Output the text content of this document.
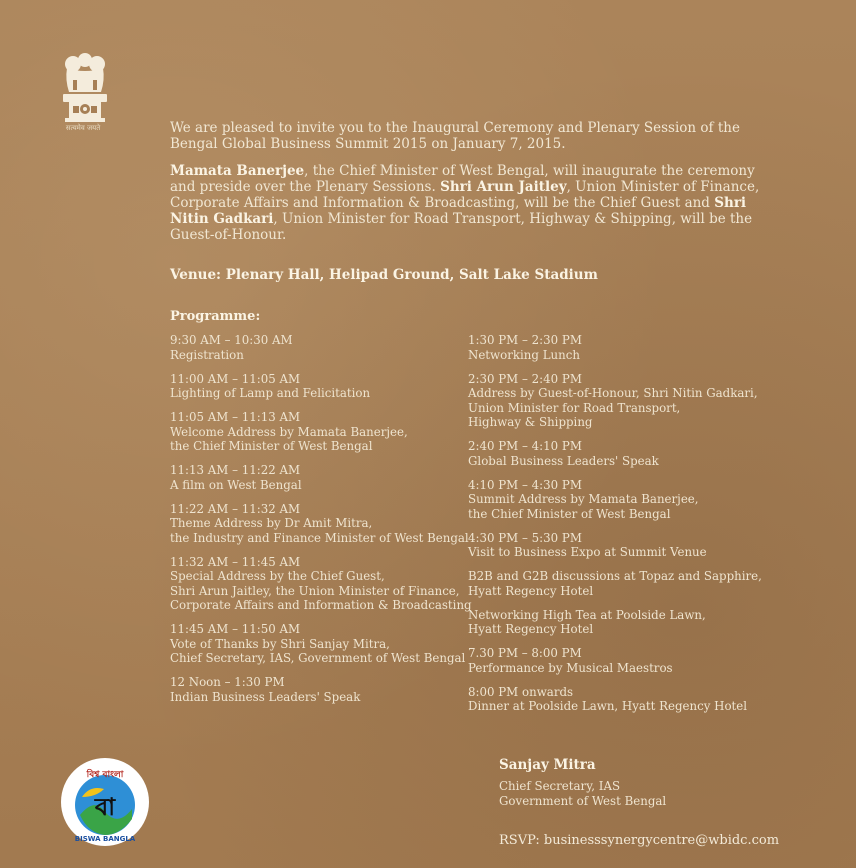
सत्यमेव जयते	We are pleased to invite you to the Inaugural Ceremony and Plenary Session of the Bengal Global Business Summit 2015 on January 7, 2015.

Mamata Banerjee, the Chief Minister of West Bengal, will inaugurate the ceremony and preside over the Plenary Sessions. Shri Arun Jaitley, Union Minister of Finance, Corporate Affairs and Information & Broadcasting, will be the Chief Guest and Shri Nitin Gadkari, Union Minister for Road Transport, Highway & Shipping, will be the Guest-of-Honour.

Venue: Plenary Hall, Helipad Ground, Salt Lake Stadium
Programme:
9:30 AM – 10:30 AM
Registration
11:00 AM – 11:05 AM
Lighting of Lamp and Felicitation
11:05 AM – 11:13 AM
Welcome Address by Mamata Banerjee,
the Chief Minister of West Bengal
11:13 AM – 11:22 AM
A film on West Bengal
11:22 AM – 11:32 AM
Theme Address by Dr Amit Mitra,
the Industry and Finance Minister of West Bengal
11:32 AM – 11:45 AM
Special Address by the Chief Guest,
Shri Arun Jaitley, the Union Minister of Finance,
Corporate Affairs and Information & Broadcasting
11:45 AM – 11:50 AM
Vote of Thanks by Shri Sanjay Mitra,
Chief Secretary, IAS, Government of West Bengal
12 Noon – 1:30 PM
Indian Business Leaders' Speak
1:30 PM – 2:30 PM
Networking Lunch
2:30 PM – 2:40 PM
Address by Guest-of-Honour, Shri Nitin Gadkari,
Union Minister for Road Transport,
Highway & Shipping
2:40 PM – 4:10 PM
Global Business Leaders' Speak
4:10 PM – 4:30 PM
Summit Address by Mamata Banerjee,
the Chief Minister of West Bengal
4:30 PM – 5:30 PM
Visit to Business Expo at Summit Venue
B2B and G2B discussions at Topaz and Sapphire,
Hyatt Regency Hotel
Networking High Tea at Poolside Lawn,
Hyatt Regency Hotel
7.30 PM – 8:00 PM
Performance by Musical Maestros
8:00 PM onwards
Dinner at Poolside Lawn, Hyatt Regency Hotel
বিশ্ব বাংলা
বা
BISWA BANGLA
Sanjay Mitra
Chief Secretary, IAS
Government of West Bengal
RSVP: businesssynergycentre@wbidc.com
